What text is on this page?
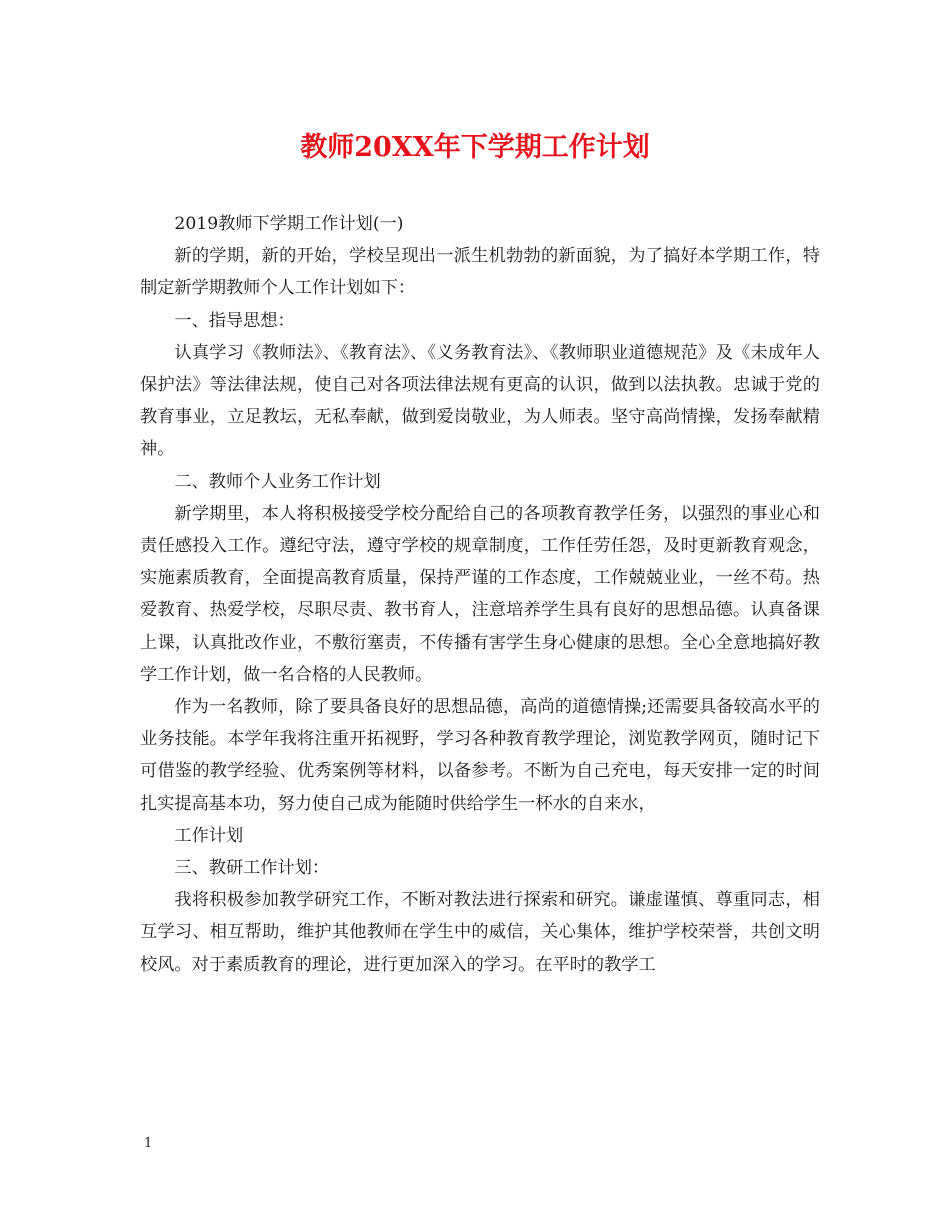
教师20XX年下学期工作计划

2019教师下学期工作计划(一)

新的学期，新的开始，学校呈现出一派生机勃勃的新面貌，为了搞好本学期工作，特制定新学期教师个人工作计划如下：

一、指导思想：

认真学习《教师法》、《教育法》、《义务教育法》、《教师职业道德规范》及《未成年人保护法》等法律法规，使自己对各项法律法规有更高的认识，做到以法执教。忠诚于党的教育事业，立足教坛，无私奉献，做到爱岗敬业，为人师表。坚守高尚情操，发扬奉献精神。

二、教师个人业务工作计划

新学期里，本人将积极接受学校分配给自己的各项教育教学任务，以强烈的事业心和责任感投入工作。遵纪守法，遵守学校的规章制度，工作任劳任怨，及时更新教育观念，实施素质教育，全面提高教育质量，保持严谨的工作态度，工作兢兢业业，一丝不苟。热爱教育、热爱学校，尽职尽责、教书育人，注意培养学生具有良好的思想品德。认真备课上课，认真批改作业，不敷衍塞责，不传播有害学生身心健康的思想。全心全意地搞好教学工作计划，做一名合格的人民教师。

作为一名教师，除了要具备良好的思想品德，高尚的道德情操;还需要具备较高水平的业务技能。本学年我将注重开拓视野，学习各种教育教学理论，浏览教学网页，随时记下可借鉴的教学经验、优秀案例等材料，以备参考。不断为自己充电，每天安排一定的时间扎实提高基本功，努力使自己成为能随时供给学生一杯水的自来水，

工作计划

三、教研工作计划：

我将积极参加教学研究工作，不断对教法进行探索和研究。谦虚谨慎、尊重同志，相互学习、相互帮助，维护其他教师在学生中的威信，关心集体，维护学校荣誉，共创文明校风。对于素质教育的理论，进行更加深入的学习。在平时的教学工

1
